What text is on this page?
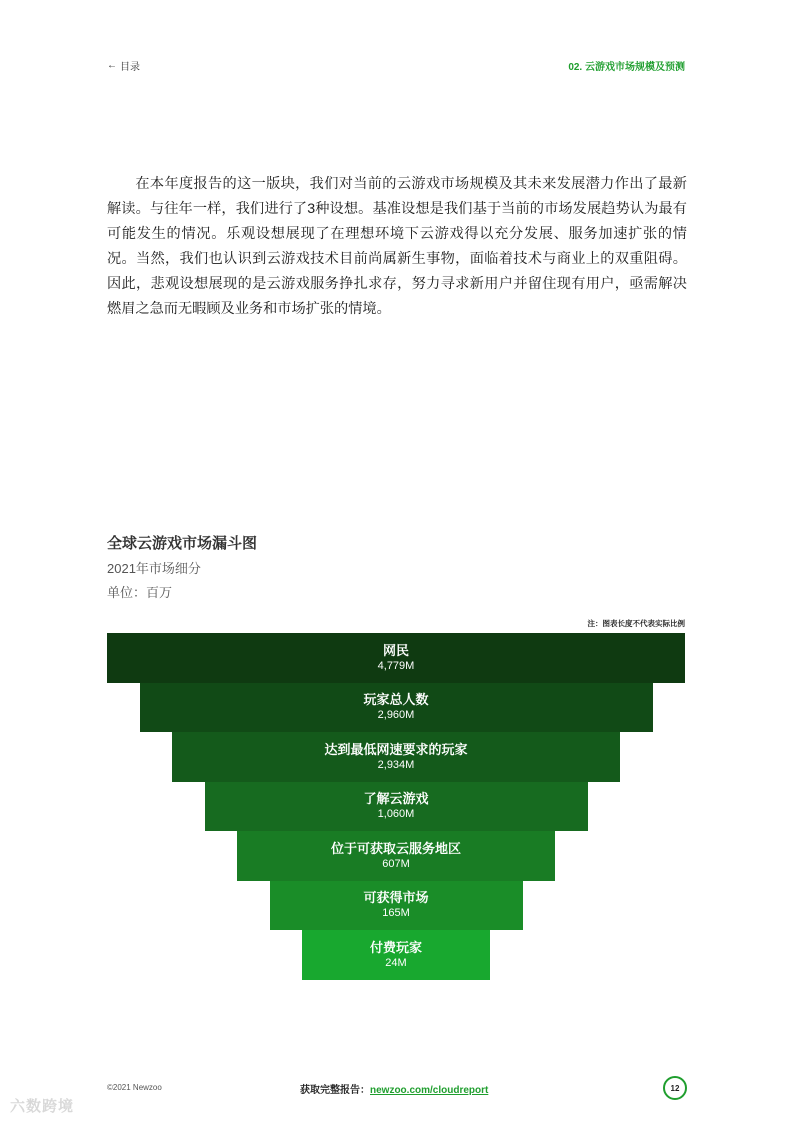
← 目录	02. 云游戏市场规模及预测

在本年度报告的这一版块，我们对当前的云游戏市场规模及其未来发展潜力作出了最新解读。与往年一样，我们进行了3种设想。基准设想是我们基于当前的市场发展趋势认为最有可能发生的情况。乐观设想展现了在理想环境下云游戏得以充分发展、服务加速扩张的情况。当然，我们也认识到云游戏技术目前尚属新生事物，面临着技术与商业上的双重阻碍。因此，悲观设想展现的是云游戏服务挣扎求存，努力寻求新用户并留住现有用户，亟需解决燃眉之急而无暇顾及业务和市场扩张的情境。

全球云游戏市场漏斗图
2021年市场细分
单位：百万
注：图表长度不代表实际比例
网民
4,779M
玩家总人数
2,960M
达到最低网速要求的玩家
2,934M
了解云游戏
1,060M
位于可获取云服务地区
607M
可获得市场
165M
付费玩家
24M
©2021 Newzoo	获取完整报告：newzoo.com/cloudreport	12
六数跨境
